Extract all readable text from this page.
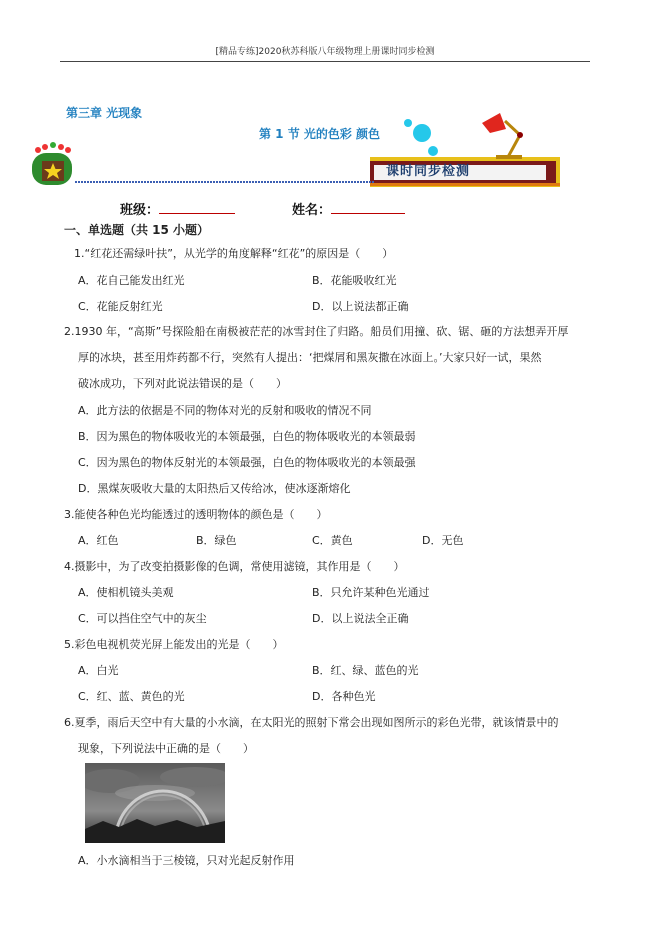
[精品专练]2020秋苏科版八年级物理上册课时同步检测
第三章 光现象
第 1 节 光的色彩 颜色
课时同步检测
班级：	姓名：
一、单选题（共 15 小题）
1.“红花还需绿叶扶”，从光学的角度解释“红花”的原因是（　　）
A．花自己能发出红光	B．花能吸收红光
C．花能反射红光	D．以上说法都正确
2.1930 年，“高斯”号探险船在南极被茫茫的冰雪封住了归路。船员们用撞、砍、锯、砸的方法想弄开厚
厚的冰块，甚至用炸药都不行，突然有人提出：‘把煤屑和黑灰撒在冰面上。’大家只好一试，果然
破冰成功，下列对此说法错误的是（　　）
A．此方法的依据是不同的物体对光的反射和吸收的情况不同
B．因为黑色的物体吸收光的本领最强，白色的物体吸收光的本领最弱
C．因为黑色的物体反射光的本领最强，白色的物体吸收光的本领最强
D．黑煤灰吸收大量的太阳热后又传给冰，使冰逐渐熔化
3.能使各种色光均能透过的透明物体的颜色是（　　）
A．红色	B．绿色	C．黄色	D．无色
4.摄影中，为了改变拍摄影像的色调，常使用滤镜，其作用是（　　）
A．使相机镜头美观	B．只允许某种色光通过
C．可以挡住空气中的灰尘	D．以上说法全正确
5.彩色电视机荧光屏上能发出的光是（　　）
A．白光	B．红、绿、蓝色的光
C．红、蓝、黄色的光	D．各种色光
6.夏季，雨后天空中有大量的小水滴，在太阳光的照射下常会出现如图所示的彩色光带，就该情景中的
现象，下列说法中正确的是（　　）
A．小水滴相当于三棱镜，只对光起反射作用
